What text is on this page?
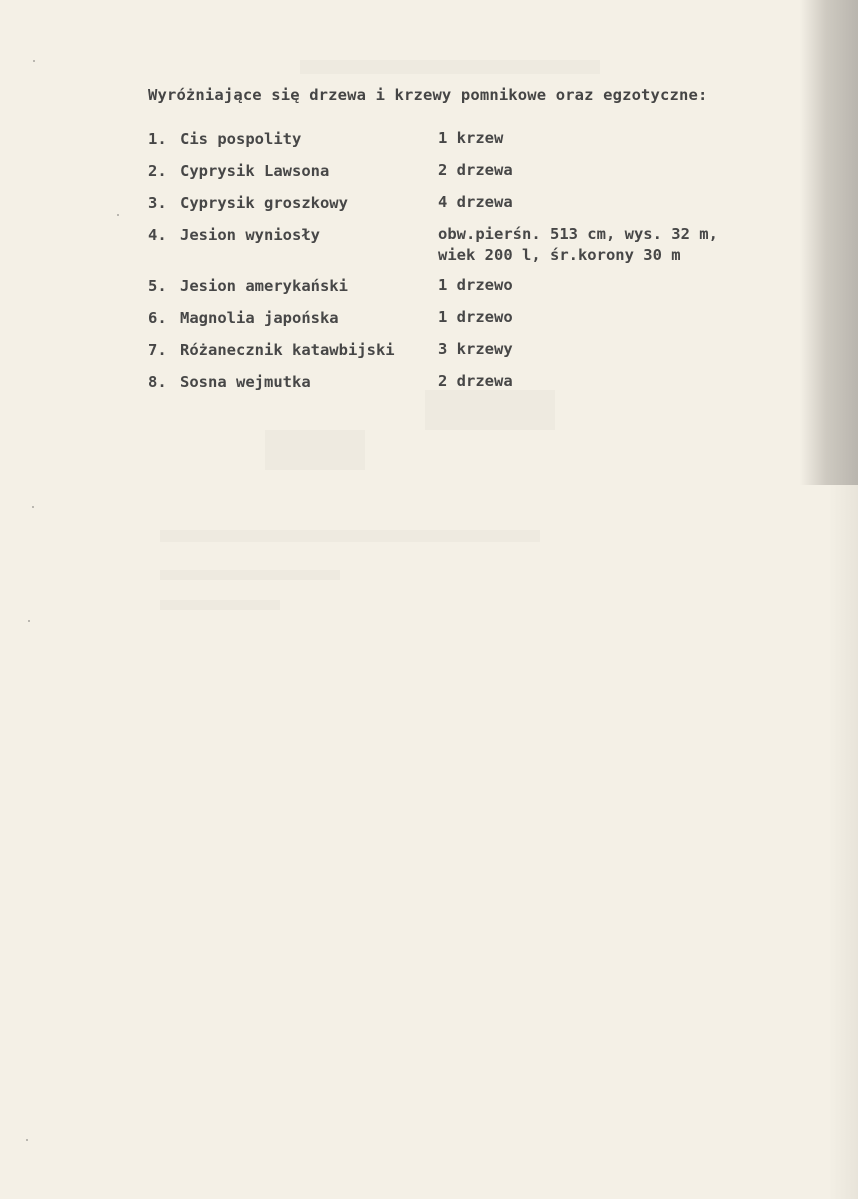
Wyróżniające się drzewa i krzewy pomnikowe oraz egzotyczne:
1. Cis pospolity	1 krzew
2. Cyprysik Lawsona	2 drzewa
3. Cyprysik groszkowy	4 drzewa
4. Jesion wyniosły	obw.pierśn. 513 cm, wys. 32 m,
wiek 200 l, śr.korony 30 m
5. Jesion amerykański	1 drzewo
6. Magnolia japońska	1 drzewo
7. Różanecznik katawbijski	3 krzewy
8. Sosna wejmutka	2 drzewa
